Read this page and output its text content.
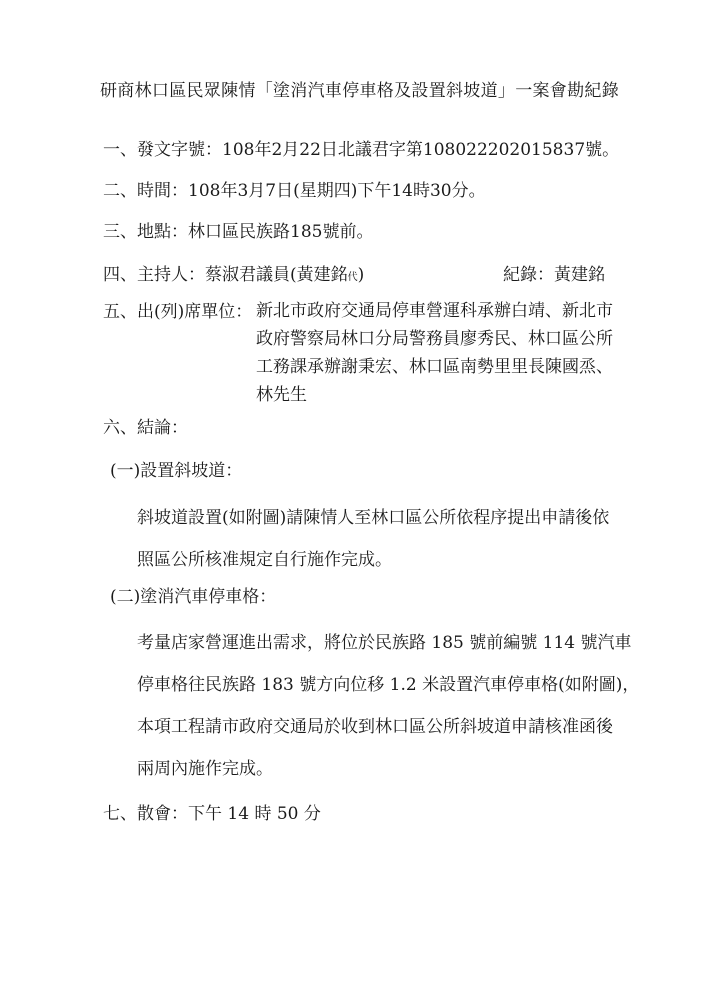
研商林口區民眾陳情「塗消汽車停車格及設置斜坡道」一案會勘紀錄
一、發文字號：108年2月22日北議君字第108022202015837號。
二、時間：108年3月7日(星期四)下午14時30分。
三、地點：林口區民族路185號前。
四、主持人：蔡淑君議員(黃建銘代)	紀錄：黃建銘
五、出(列)席單位： 新北市政府交通局停車營運科承辦白靖、新北市
政府警察局林口分局警務員廖秀民、林口區公所
工務課承辦謝秉宏、林口區南勢里里長陳國烝、
林先生
六、結論：
(一)設置斜坡道：
斜坡道設置(如附圖)請陳情人至林口區公所依程序提出申請後依
照區公所核准規定自行施作完成。
(二)塗消汽車停車格：
考量店家營運進出需求，將位於民族路 185 號前編號 114 號汽車
停車格往民族路 183 號方向位移 1.2 米設置汽車停車格(如附圖)，
本項工程請市政府交通局於收到林口區公所斜坡道申請核准函後
兩周內施作完成。
七、散會：下午 14 時 50 分
